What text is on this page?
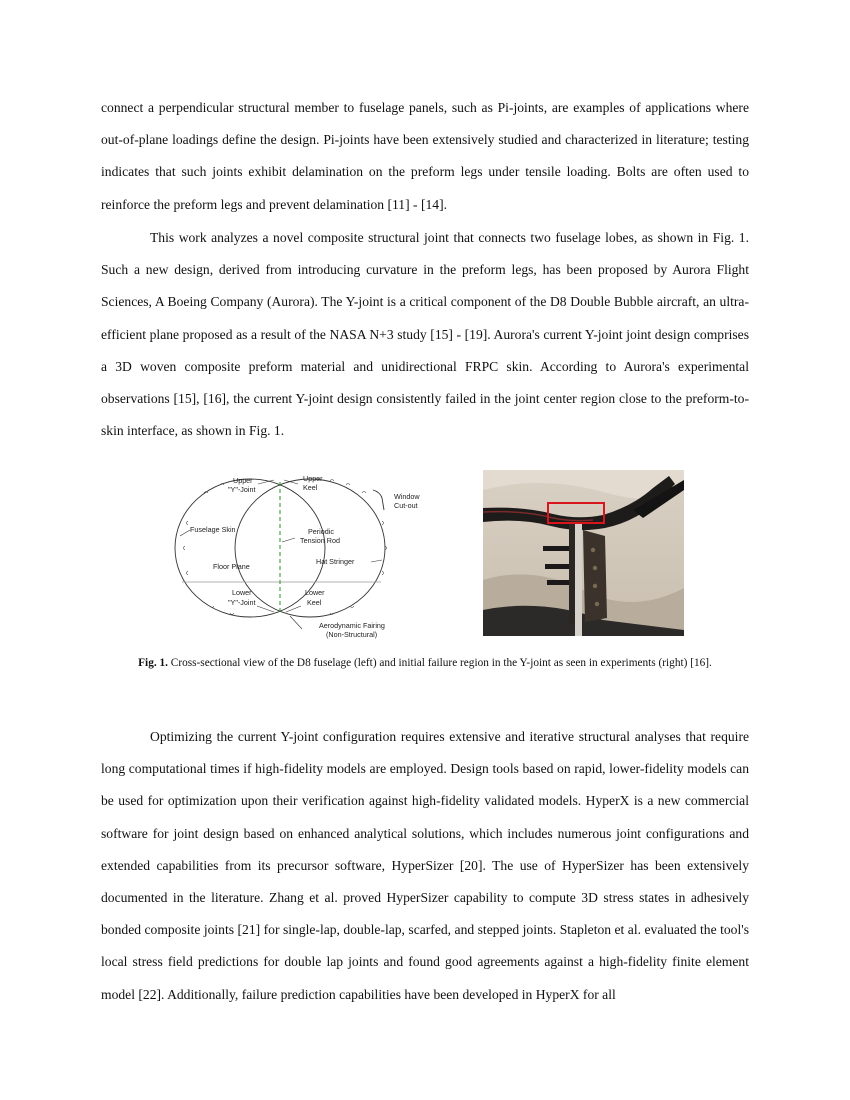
connect a perpendicular structural member to fuselage panels, such as Pi-joints, are examples of applications where out-of-plane loadings define the design. Pi-joints have been extensively studied and characterized in literature; testing indicates that such joints exhibit delamination on the preform legs under tensile loading. Bolts are often used to reinforce the preform legs and prevent delamination [11] - [14].

This work analyzes a novel composite structural joint that connects two fuselage lobes, as shown in Fig. 1. Such a new design, derived from introducing curvature in the preform legs, has been proposed by Aurora Flight Sciences, A Boeing Company (Aurora). The Y-joint is a critical component of the D8 Double Bubble aircraft, an ultra-efficient plane proposed as a result of the NASA N+3 study [15] - [19]. Aurora's current Y-joint joint design comprises a 3D woven composite preform material and unidirectional FRPC skin. According to Aurora's experimental observations [15], [16], the current Y-joint design consistently failed in the joint center region close to the preform-to-skin interface, as shown in Fig. 1.

Upper
"Y"-Joint
Upper
Keel
Window
Cut-out
Fuselage Skin	Periodic
Tension Rod
Hat Stringer
Floor Plane
Lower
"Y"-Joint
Lower
Keel
Aerodynamic Fairing
(Non-Structural)

Fig. 1. Cross-sectional view of the D8 fuselage (left) and initial failure region in the Y-joint as seen in experiments (right) [16].

Optimizing the current Y-joint configuration requires extensive and iterative structural analyses that require long computational times if high-fidelity models are employed. Design tools based on rapid, lower-fidelity models can be used for optimization upon their verification against high-fidelity validated models. HyperX is a new commercial software for joint design based on enhanced analytical solutions, which includes numerous joint configurations and extended capabilities from its precursor software, HyperSizer [20]. The use of HyperSizer has been extensively documented in the literature. Zhang et al. proved HyperSizer capability to compute 3D stress states in adhesively bonded composite joints [21] for single-lap, double-lap, scarfed, and stepped joints. Stapleton et al. evaluated the tool's local stress field predictions for double lap joints and found good agreements against a high-fidelity finite element model [22]. Additionally, failure prediction capabilities have been developed in HyperX for all
